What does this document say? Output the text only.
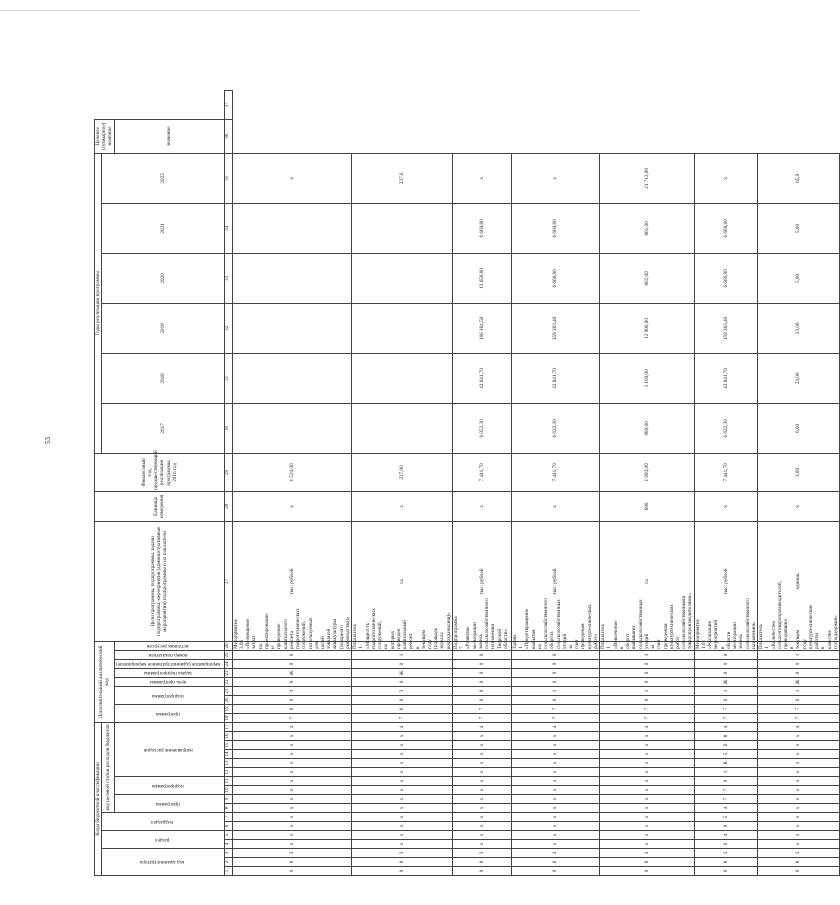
53
Коды бюджетной классификации																	Дополнительный аналитический код									Цели программы, подпрограммы, задачи подпрограммы, мероприятия (административные мероприятия) подпрограммы и их показатели	Единица измерения	Финансовый год, предшествующий реализации программы, 2016 год	Годы реализации программы						Целевое (суммарное) значение	
код администратора			раздел		подраздел		код целевой статьи расходов бюджетов																						2017	2018	2019	2020	2021	2022		
							программа		подпрограмма		направление расходов						программа		подпрограмма		цель программы	задача подпрограммы	мероприятие (административное мероприятие)	номер показателя	источник ресурсов										значение	
1	2	3	4	5	6	7	8	9	10	11	12	13	14	15	16	17	18	19	20	21	22	23	24	25	26	27	28	29	30	31	32	33	34	35	36	37
0	8	3	х	х	х	х	х	х	х	х	х	х	х	х	х	4	7	6	0	3	6	Ж	0	0	Мероприятие 3.06 «Возмещение затрат на проектирование и проведение капитального ремонта гидротехнических сооружений, используемых для целей товарной аквакультуры (товарного рыбоводства)»	тыс. рублей	х	1 524,00						х		
0	8	3	х	х	х	х	х	х	х	х	х	х	х	х	х	4	7	6	0	3	6	Ж	0	1	Показатель 1 «Мощность гидротехнических сооружений, на которых проведен капитальный ремонт в текущем году (площадь зеркала водохранилищ)»	га	х	237,00						237,0		
0	8	3	х	х	х	х	х	х	х	х	х	х	х	х	х	4	7	7	0	0	0	0	0	0	Подпрограмма 7 «Развитие мелиорации земель сельскохозяйственного назначения Тверской области»	тыс. рублей	х	7 441,70	6 052,30	43 841,70	166 184,50	13 658,80	6 660,80	х		
0	8	3	х	х	х	х	х	х	х	х	х	х	х	х	х	4	7	7	0	1	0	0	0	0	Задача 1 «Предотвращение выбытия из сельскохозяйственного оборота сельскохозяйственных угодий за счет проведения культуртехнических работ»	тыс. рублей	х	7 441,70	6 632,30	43 841,70	159 383,40	6 660,80	6 660,80	х		
0	8	3	х	х	х	х	х	х	х	х	х	х	х	х	х	4	7	7	0	1	0	0	0	1	Показатель 1 «Вовлечение в оборот выбывших сельскохозяйственных угодий за счет проведения культуртехнических работ сельскохозяйственными товаропроизводителями»	га	690	1 093,00	980,00	3 100,00	12 900,00	861,00	861,00	21 712,00		
0	8	3	0	4	0	5	4	7	7	0	1	R	5	6	8	4	7	7	0	1	Ж	0	0	0	Мероприятие 1.01 «Реализация мероприятий в области мелиорации земель сельскохозяйственного назначения»	тыс. рублей	х	7 441,70	6 632,30	43 841,70	159 383,40	6 660,80	6 660,80	х		
0	8	3	х	х	х	х	х	х	х	х	х	х	х	х	х	4	7	7	0	1	Ж	0	0	1	Показатель 1 «Количество сельхозтоваропроизводителей, проводивших в текущем году культуртехнические работы в качестве господдержки»	единиц	х	3,00	6,00	23,00	23,00	5,00	5,00	65,0		
